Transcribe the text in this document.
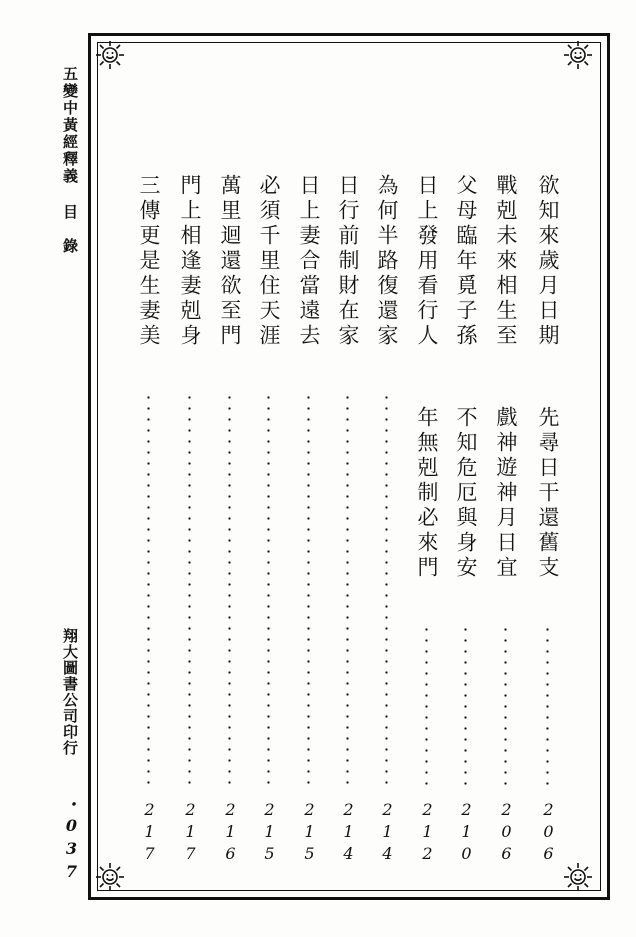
五變中黃經釋義
目　錄
翔大圖書公司印行
・037
欲知來歲月日期
先尋日干還舊支
206
戰剋未來相生至
戲神遊神月日宜
206
父母臨年覓子孫
不知危厄與身安
210
日上發用看行人
年無剋制必來門
212
為何半路復還家
214
日行前制財在家
214
日上妻合當遠去
215
必須千里住天涯
215
萬里迴還欲至門
216
門上相逢妻剋身
217
三傳更是生妻美
217
